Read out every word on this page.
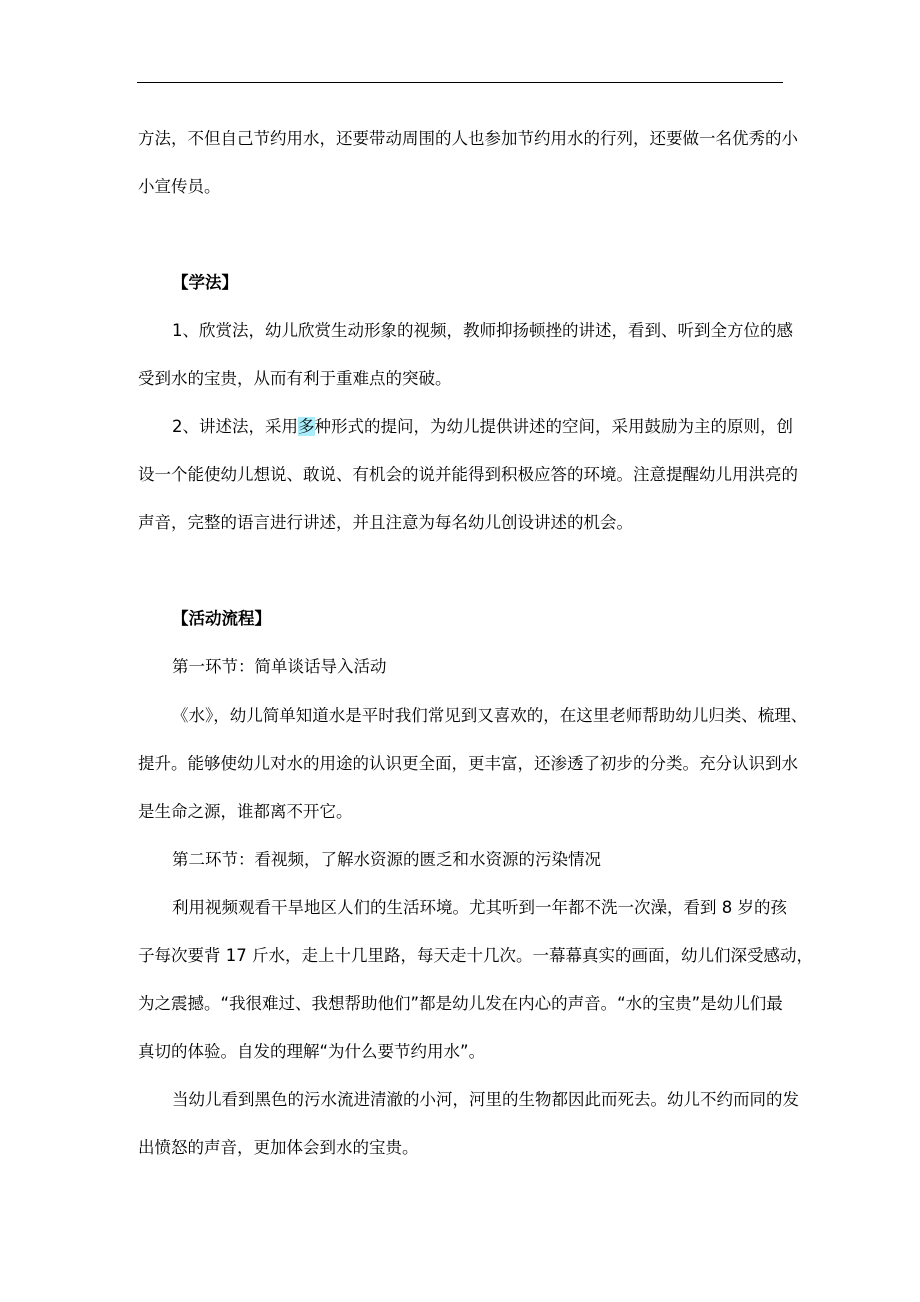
方法，不但自己节约用水，还要带动周围的人也参加节约用水的行列，还要做一名优秀的小
小宣传员。
【学法】
1、欣赏法，幼儿欣赏生动形象的视频，教师抑扬顿挫的讲述，看到、听到全方位的感
受到水的宝贵，从而有利于重难点的突破。
2、讲述法，采用多种形式的提问，为幼儿提供讲述的空间，采用鼓励为主的原则，创
设一个能使幼儿想说、敢说、有机会的说并能得到积极应答的环境。注意提醒幼儿用洪亮的
声音，完整的语言进行讲述，并且注意为每名幼儿创设讲述的机会。
【活动流程】
第一环节：简单谈话导入活动
《水》，幼儿简单知道水是平时我们常见到又喜欢的，在这里老师帮助幼儿归类、梳理、
提升。能够使幼儿对水的用途的认识更全面，更丰富，还渗透了初步的分类。充分认识到水
是生命之源，谁都离不开它。
第二环节：看视频，了解水资源的匮乏和水资源的污染情况
利用视频观看干旱地区人们的生活环境。尤其听到一年都不洗一次澡，看到 8 岁的孩
子每次要背 17 斤水，走上十几里路，每天走十几次。一幕幕真实的画面，幼儿们深受感动，
为之震撼。“我很难过、我想帮助他们”都是幼儿发在内心的声音。“水的宝贵”是幼儿们最
真切的体验。自发的理解“为什么要节约用水”。
当幼儿看到黑色的污水流进清澈的小河，河里的生物都因此而死去。幼儿不约而同的发
出愤怒的声音，更加体会到水的宝贵。
